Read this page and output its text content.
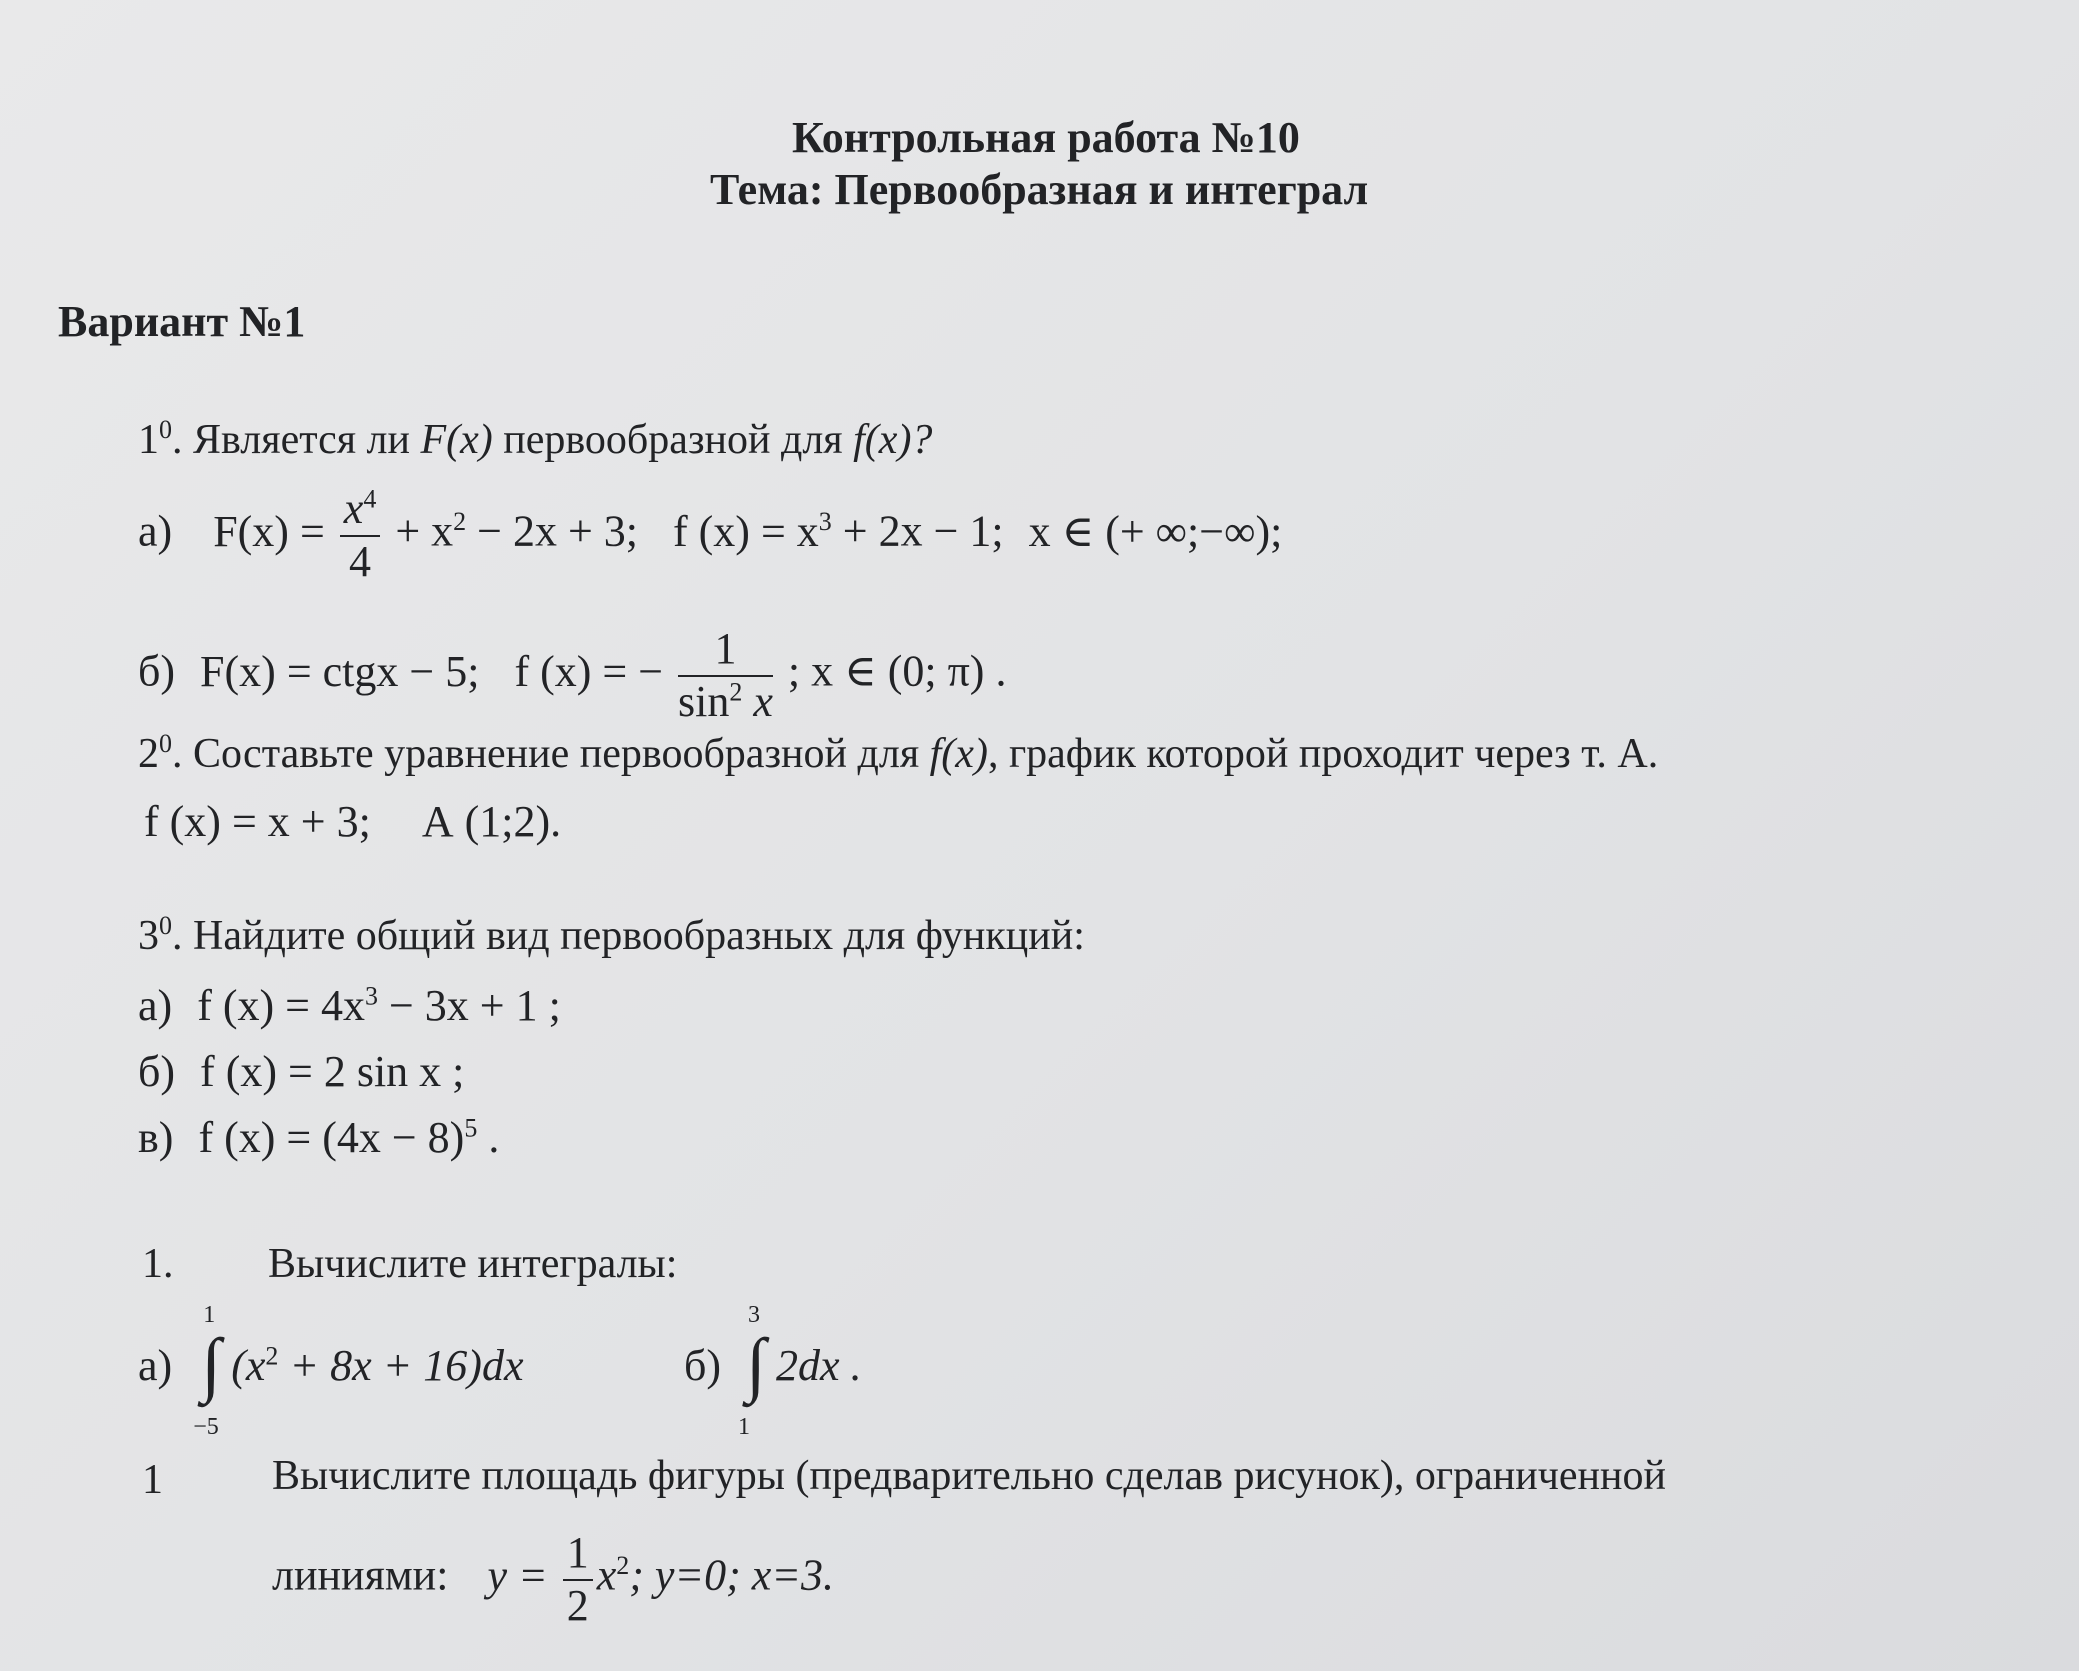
Контрольная работа №10
Тема: Первообразная и интеграл
Вариант №1
$1^0$. Является ли F(x) первообразной для f(x)?
а) $F(x) = \frac{x^4}{4} + x^2 - 2x + 3$; f $(x) = x^3 + 2x - 1$; x ∈ (+ ∞;−∞);
б) F(x) = ctgx − 5; f (x) = − $\frac{1}{\sin^2 x}$ ; x ∈ (0; π) .
$2^0$. Составьте уравнение первообразной для f(x), график которой проходит через т. А.
f (x) = x + 3; А (1;2).
$3^0$. Найдите общий вид первообразных для функций:
а) f $(x) = 4x^3 - 3x + 1$ ;
б) f (x) = 2 sin x ;
в) f $(x) = (4x - 8)^5$ .
1. Вычислите интегралы:
а) ∫
1
−5
$(x^2 + 8x + 16)dx$	б) ∫
3
1
2dx .
1	Вычислите площадь фигуры (предварительно сделав рисунок), ограниченной
линиями: $y = \frac{1}{2} x^2$; y=0; x=3.
